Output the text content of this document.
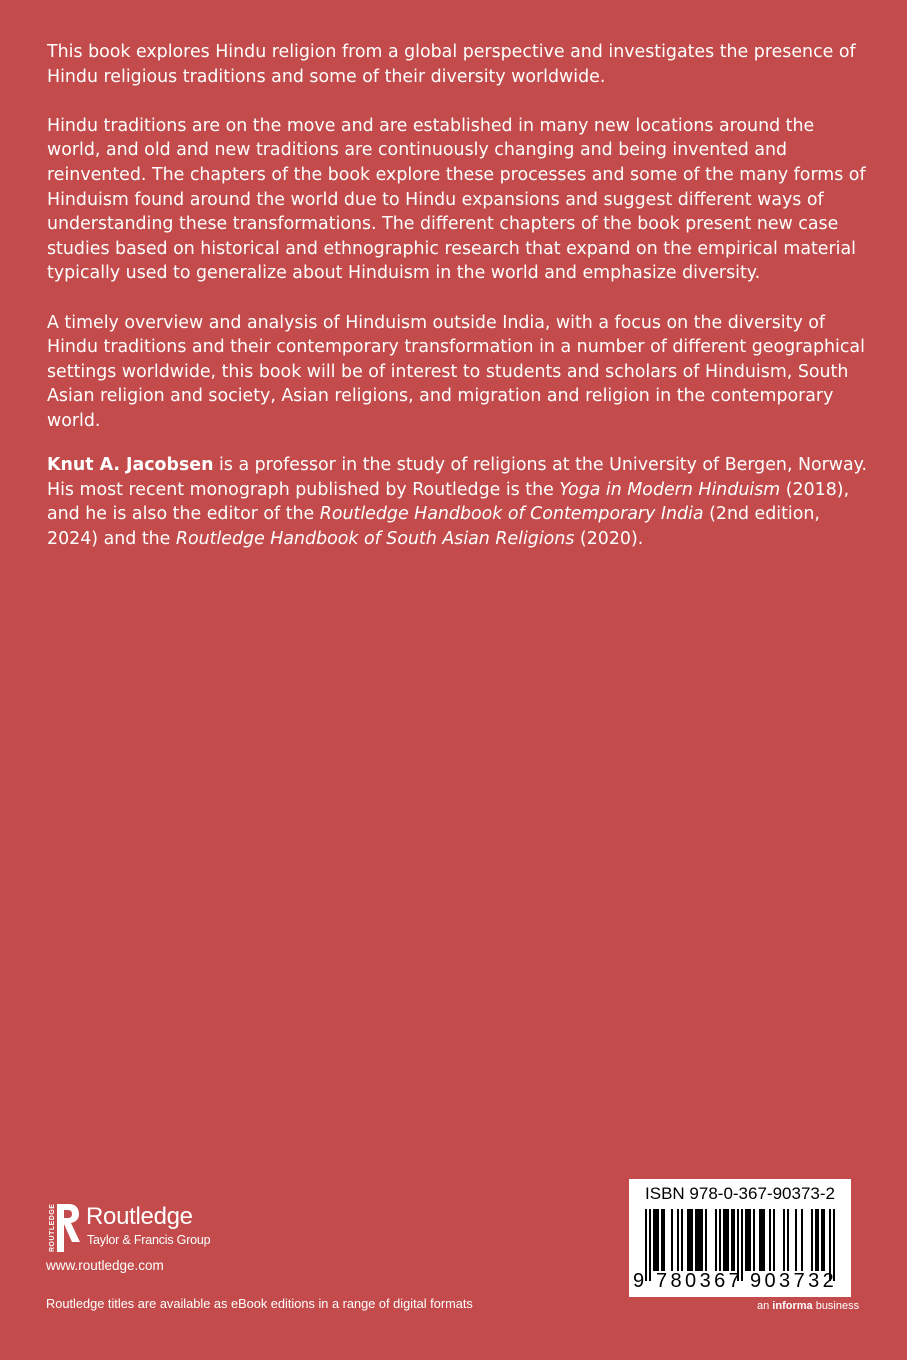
This book explores Hindu religion from a global perspective and investigates the presence of Hindu religious traditions and some of their diversity worldwide.

Hindu traditions are on the move and are established in many new locations around the world, and old and new traditions are continuously changing and being invented and reinvented. The chapters of the book explore these processes and some of the many forms of Hinduism found around the world due to Hindu expansions and suggest different ways of understanding these transformations. The different chapters of the book present new case studies based on historical and ethnographic research that expand on the empirical material typically used to generalize about Hinduism in the world and emphasize diversity.

A timely overview and analysis of Hinduism outside India, with a focus on the diversity of Hindu traditions and their contemporary transformation in a number of different geographical settings worldwide, this book will be of interest to students and scholars of Hinduism, South Asian religion and society, Asian religions, and migration and religion in the contemporary world.

Knut A. Jacobsen is a professor in the study of religions at the University of Bergen, Norway. His most recent monograph published by Routledge is the Yoga in Modern Hinduism (2018), and he is also the editor of the Routledge Handbook of Contemporary India (2nd edition, 2024) and the Routledge Handbook of South Asian Religions (2020).

ROUTLEDGE Routledge
Taylor & Francis Group
www.routledge.com
Routledge titles are available as eBook editions in a range of digital formats
ISBN 978-0-367-90373-2
9 780367 903732
an informa business
